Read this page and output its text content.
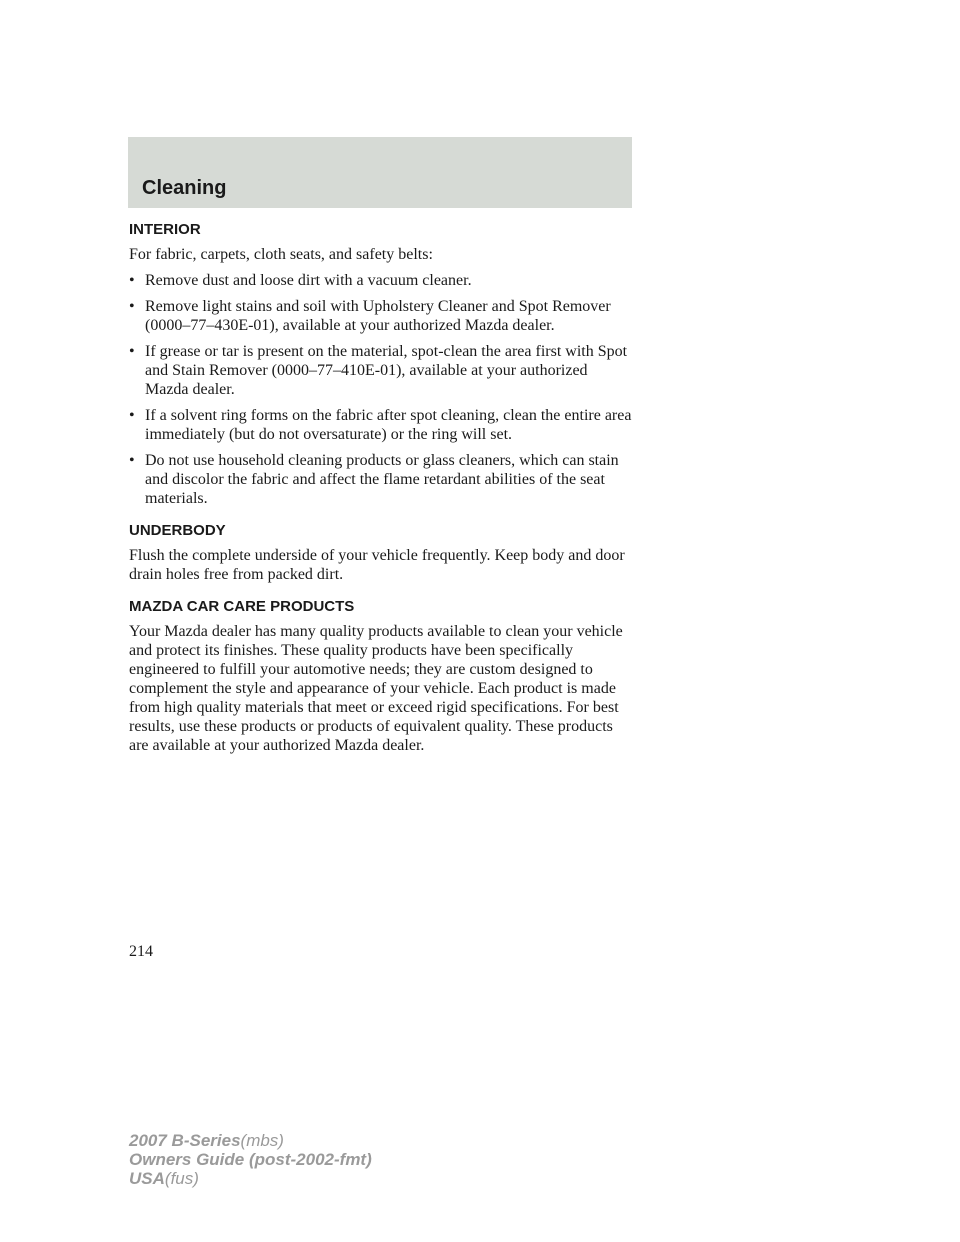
Cleaning
INTERIOR
For fabric, carpets, cloth seats, and safety belts:
• Remove dust and loose dirt with a vacuum cleaner.
• Remove light stains and soil with Upholstery Cleaner and Spot Remover (0000–77–430E-01), available at your authorized Mazda dealer.
• If grease or tar is present on the material, spot-clean the area first with Spot and Stain Remover (0000–77–410E-01), available at your authorized Mazda dealer.
• If a solvent ring forms on the fabric after spot cleaning, clean the entire area immediately (but do not oversaturate) or the ring will set.
• Do not use household cleaning products or glass cleaners, which can stain and discolor the fabric and affect the flame retardant abilities of the seat materials.
UNDERBODY
Flush the complete underside of your vehicle frequently. Keep body and door drain holes free from packed dirt.
MAZDA CAR CARE PRODUCTS
Your Mazda dealer has many quality products available to clean your vehicle and protect its finishes. These quality products have been specifically engineered to fulfill your automotive needs; they are custom designed to complement the style and appearance of your vehicle. Each product is made from high quality materials that meet or exceed rigid specifications. For best results, use these products or products of equivalent quality. These products are available at your authorized Mazda dealer.
214
2007 B-Series(mbs)
Owners Guide (post-2002-fmt)
USA(fus)
